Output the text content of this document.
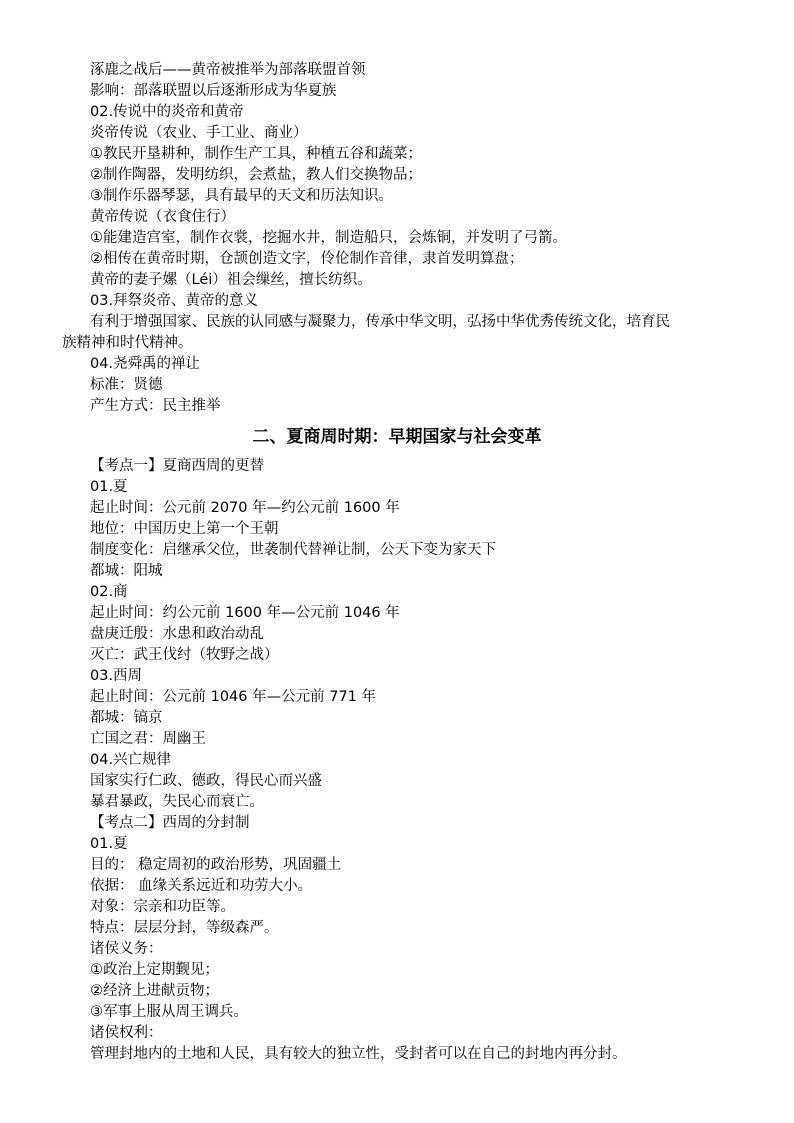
涿鹿之战后——黄帝被推举为部落联盟首领
影响：部落联盟以后逐渐形成为华夏族
02.传说中的炎帝和黄帝
炎帝传说（农业、手工业、商业）
①教民开垦耕种，制作生产工具，种植五谷和蔬菜；
②制作陶器，发明纺织，会煮盐，教人们交换物品；
③制作乐器琴瑟，具有最早的天文和历法知识。
黄帝传说（衣食住行）
①能建造宫室，制作衣裳，挖掘水井，制造船只，会炼铜，并发明了弓箭。
②相传在黄帝时期，仓颉创造文字，伶伦制作音律，隶首发明算盘；
黄帝的妻子嫘（Léi）祖会缫丝，擅长纺织。
03.拜祭炎帝、黄帝的意义
有利于增强国家、民族的认同感与凝聚力，传承中华文明，弘扬中华优秀传统文化，培育民
族精神和时代精神。
04.尧舜禹的禅让
标准：贤德
产生方式：民主推举
二、夏商周时期：早期国家与社会变革
【考点一】夏商西周的更替
01.夏
起止时间：公元前 2070 年—约公元前 1600 年
地位：中国历史上第一个王朝
制度变化：启继承父位，世袭制代替禅让制，公天下变为家天下
都城：阳城
02.商
起止时间：约公元前 1600 年—公元前 1046 年
盘庚迁殷：水患和政治动乱
灭亡：武王伐纣（牧野之战）
03.西周
起止时间：公元前 1046 年—公元前 771 年
都城：镐京
亡国之君：周幽王
04.兴亡规律
国家实行仁政、德政，得民心而兴盛
暴君暴政，失民心而衰亡。
【考点二】西周的分封制
01.夏
目的： 稳定周初的政治形势，巩固疆土
依据： 血缘关系远近和功劳大小。
对象：宗亲和功臣等。
特点：层层分封，等级森严。
诸侯义务：
①政治上定期觐见；
②经济上进献贡物；
③军事上服从周王调兵。
诸侯权利：
管理封地内的土地和人民，具有较大的独立性，受封者可以在自己的封地内再分封。
